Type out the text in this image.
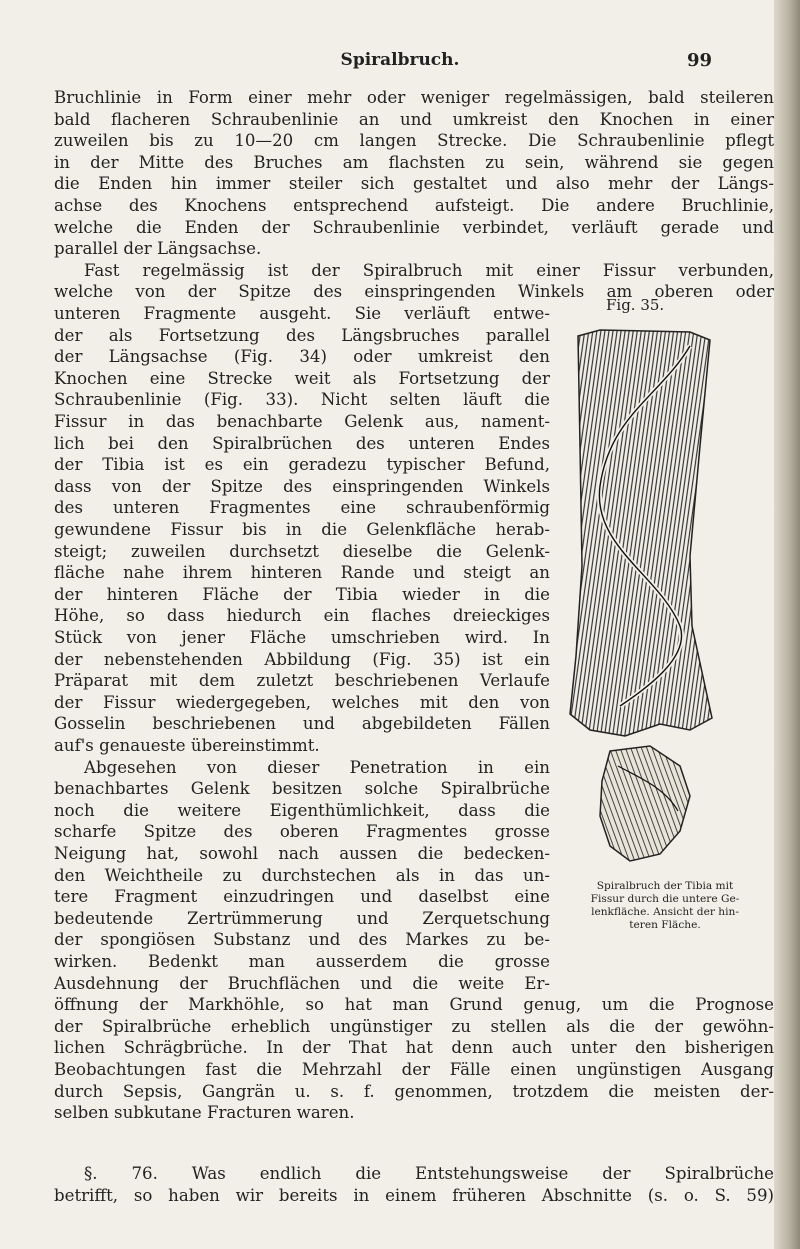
Spiralbruch.	99
Bruchlinie in Form einer mehr oder weniger regelmässigen, bald steileren
bald flacheren Schraubenlinie an und umkreist den Knochen in einer
zuweilen bis zu 10—20 cm langen Strecke. Die Schraubenlinie pflegt
in der Mitte des Bruches am flachsten zu sein, während sie gegen
die Enden hin immer steiler sich gestaltet und also mehr der Längs-
achse des Knochens entsprechend aufsteigt. Die andere Bruchlinie,
welche die Enden der Schraubenlinie verbindet, verläuft gerade und
parallel der Längsachse.
Fast regelmässig ist der Spiralbruch mit einer Fissur verbunden,
welche von der Spitze des einspringenden Winkels am oberen oder
unteren Fragmente ausgeht. Sie verläuft entwe-
der als Fortsetzung des Längsbruches parallel
der Längsachse (Fig. 34) oder umkreist den
Knochen eine Strecke weit als Fortsetzung der
Schraubenlinie (Fig. 33). Nicht selten läuft die
Fissur in das benachbarte Gelenk aus, nament-
lich bei den Spiralbrüchen des unteren Endes
der Tibia ist es ein geradezu typischer Befund,
dass von der Spitze des einspringenden Winkels
des unteren Fragmentes eine schraubenförmig
gewundene Fissur bis in die Gelenkfläche herab-
steigt; zuweilen durchsetzt dieselbe die Gelenk-
fläche nahe ihrem hinteren Rande und steigt an
der hinteren Fläche der Tibia wieder in die
Höhe, so dass hiedurch ein flaches dreieckiges
Stück von jener Fläche umschrieben wird. In
der nebenstehenden Abbildung (Fig. 35) ist ein
Präparat mit dem zuletzt beschriebenen Verlaufe
der Fissur wiedergegeben, welches mit den von
Gosselin beschriebenen und abgebildeten Fällen
auf's genaueste übereinstimmt.
Abgesehen von dieser Penetration in ein
benachbartes Gelenk besitzen solche Spiralbrüche
noch die weitere Eigenthümlichkeit, dass die
scharfe Spitze des oberen Fragmentes grosse
Neigung hat, sowohl nach aussen die bedecken-
den Weichtheile zu durchstechen als in das un-
tere Fragment einzudringen und daselbst eine
bedeutende Zertrümmerung und Zerquetschung
der spongiösen Substanz und des Markes zu be-
wirken. Bedenkt man ausserdem die grosse
Ausdehnung der Bruchflächen und die weite Er-
öffnung der Markhöhle, so hat man Grund genug, um die Prognose
der Spiralbrüche erheblich ungünstiger zu stellen als die der gewöhn-
lichen Schrägbrüche. In der That hat denn auch unter den bisherigen
Beobachtungen fast die Mehrzahl der Fälle einen ungünstigen Ausgang
durch Sepsis, Gangrän u. s. f. genommen, trotzdem die meisten der-
selben subkutane Fracturen waren.
§. 76. Was endlich die Entstehungsweise der Spiralbrüche
betrifft, so haben wir bereits in einem früheren Abschnitte (s. o. S. 59)
Fig. 35.
Spiralbruch der Tibia mit
Fissur durch die untere Ge-
lenkfläche. Ansicht der hin-
teren Fläche.
